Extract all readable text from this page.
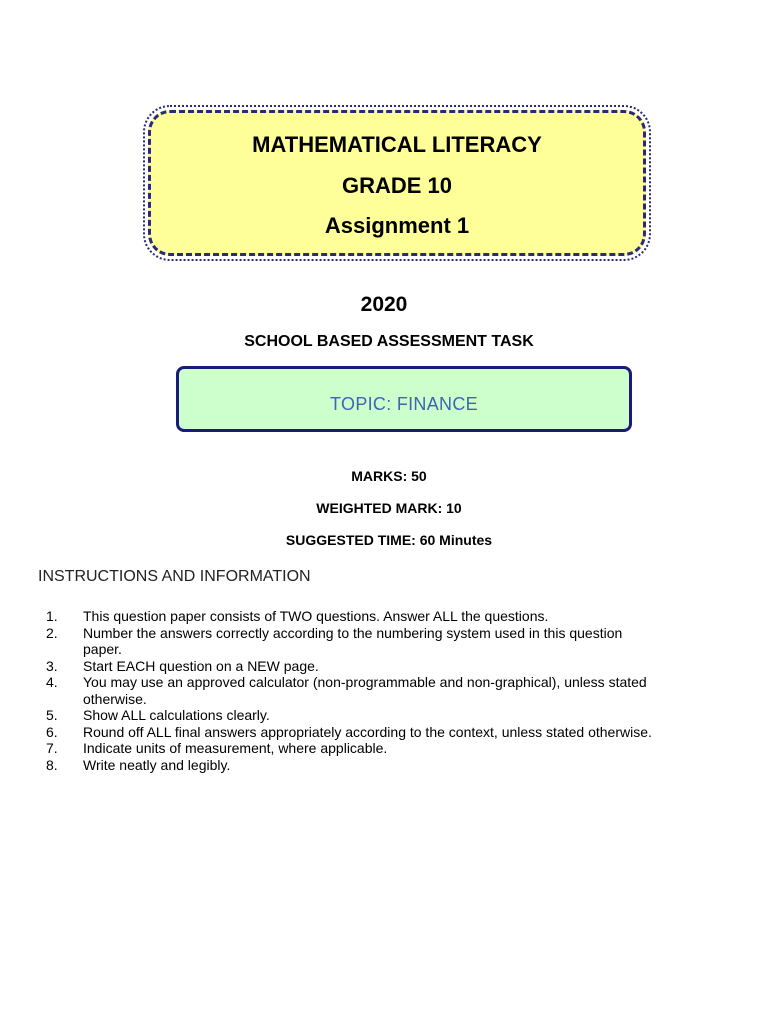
MATHEMATICAL LITERACY
GRADE 10
Assignment 1
2020
SCHOOL BASED ASSESSMENT TASK
TOPIC: FINANCE
MARKS: 50
WEIGHTED MARK: 10
SUGGESTED TIME: 60 Minutes
INSTRUCTIONS AND INFORMATION
1. This question paper consists of TWO questions. Answer ALL the questions.
2. Number the answers correctly according to the numbering system used in this question
paper.
3. Start EACH question on a NEW page.
4. You may use an approved calculator (non-programmable and non-graphical), unless stated
otherwise.
5. Show ALL calculations clearly.
6. Round off ALL final answers appropriately according to the context, unless stated otherwise.
7. Indicate units of measurement, where applicable.
8. Write neatly and legibly.
